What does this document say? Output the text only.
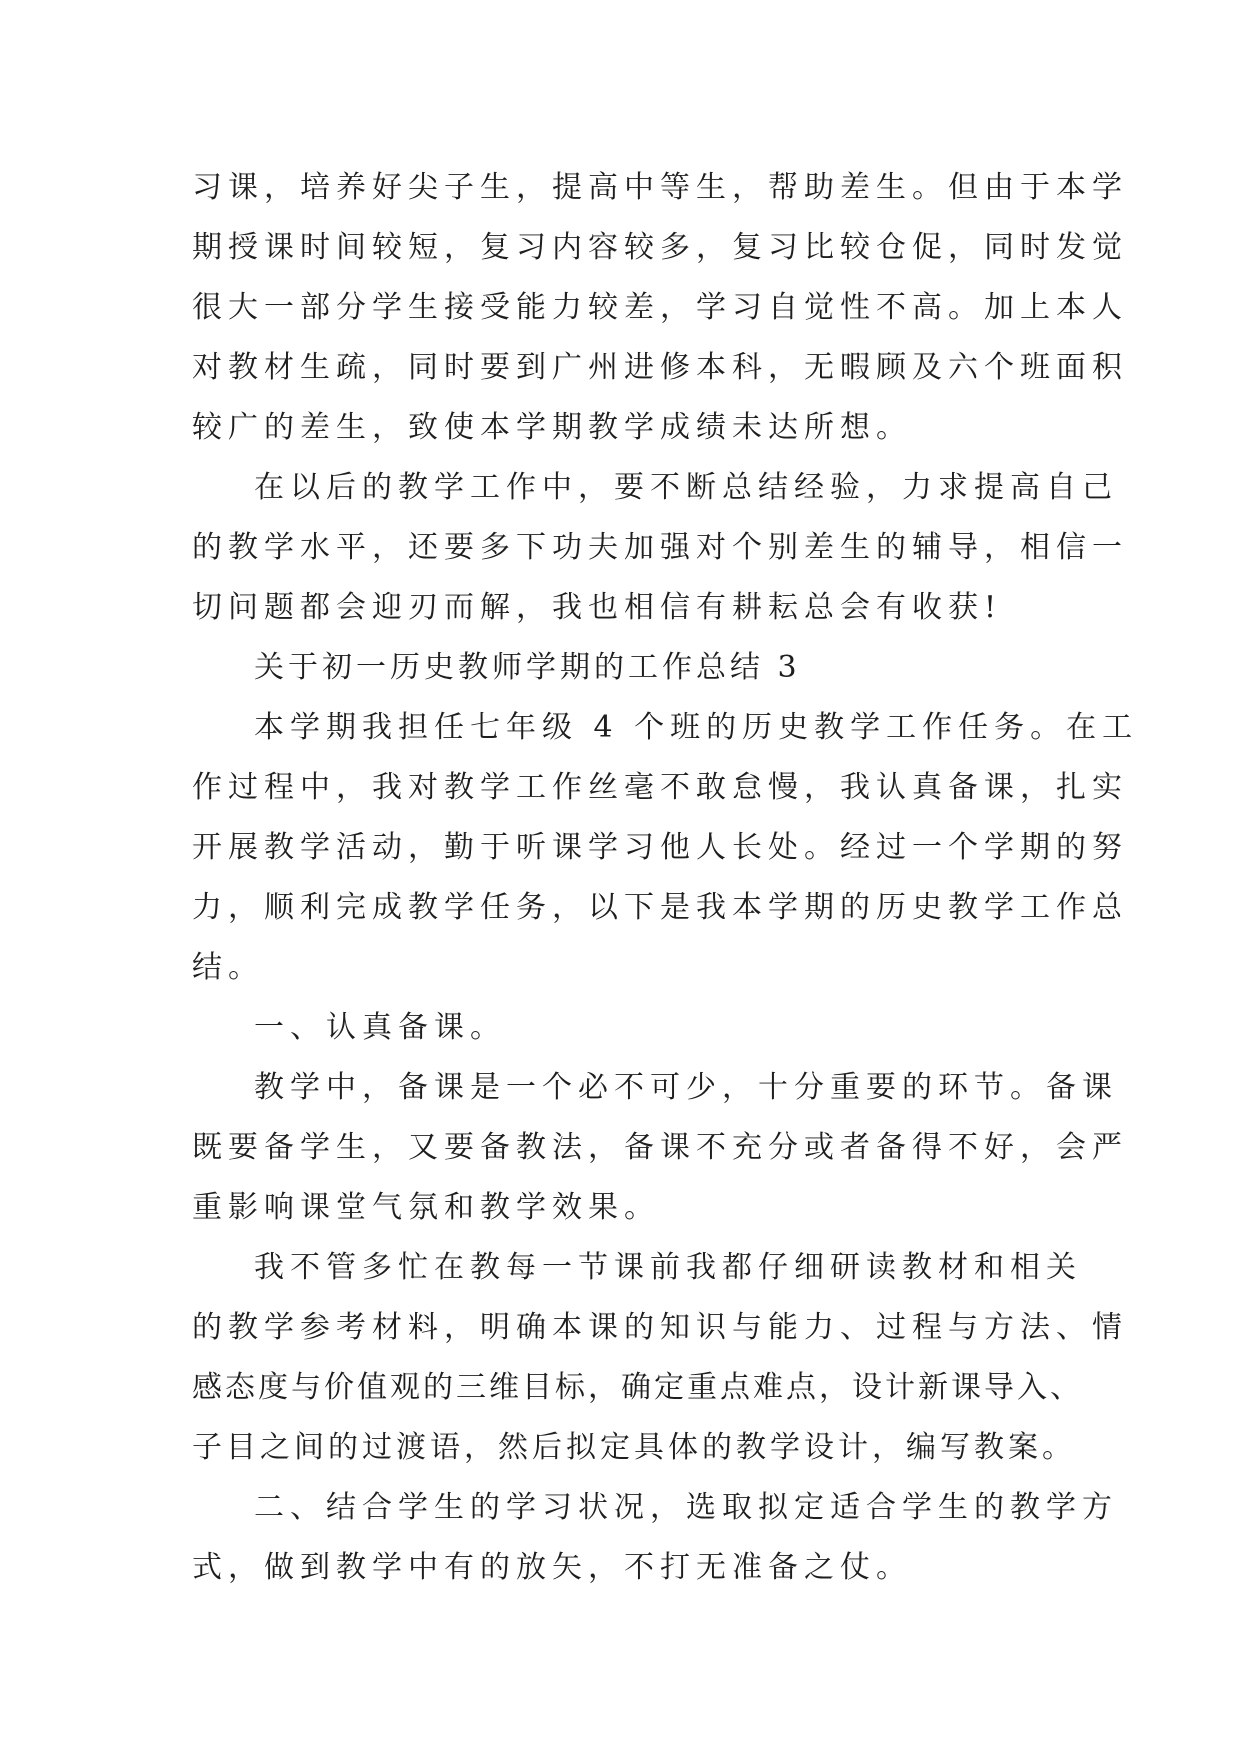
习课，培养好尖子生，提高中等生，帮助差生。但由于本学

期授课时间较短，复习内容较多，复习比较仓促，同时发觉

很大一部分学生接受能力较差，学习自觉性不高。加上本人

对教材生疏，同时要到广州进修本科，无暇顾及六个班面积

较广的差生，致使本学期教学成绩未达所想。

在以后的教学工作中，要不断总结经验，力求提高自己

的教学水平，还要多下功夫加强对个别差生的辅导，相信一

切问题都会迎刃而解，我也相信有耕耘总会有收获!

关于初一历史教师学期的工作总结 3

本学期我担任七年级 4 个班的历史教学工作任务。在工

作过程中，我对教学工作丝毫不敢怠慢，我认真备课，扎实

开展教学活动，勤于听课学习他人长处。经过一个学期的努

力，顺利完成教学任务，以下是我本学期的历史教学工作总

结。

一、认真备课。

教学中，备课是一个必不可少，十分重要的环节。备课

既要备学生，又要备教法，备课不充分或者备得不好，会严

重影响课堂气氛和教学效果。

我不管多忙在教每一节课前我都仔细研读教材和相关

的教学参考材料，明确本课的知识与能力、过程与方法、情

感态度与价值观的三维目标，确定重点难点，设计新课导入、

子目之间的过渡语，然后拟定具体的教学设计，编写教案。

二、结合学生的学习状况，选取拟定适合学生的教学方

式，做到教学中有的放矢，不打无准备之仗。
